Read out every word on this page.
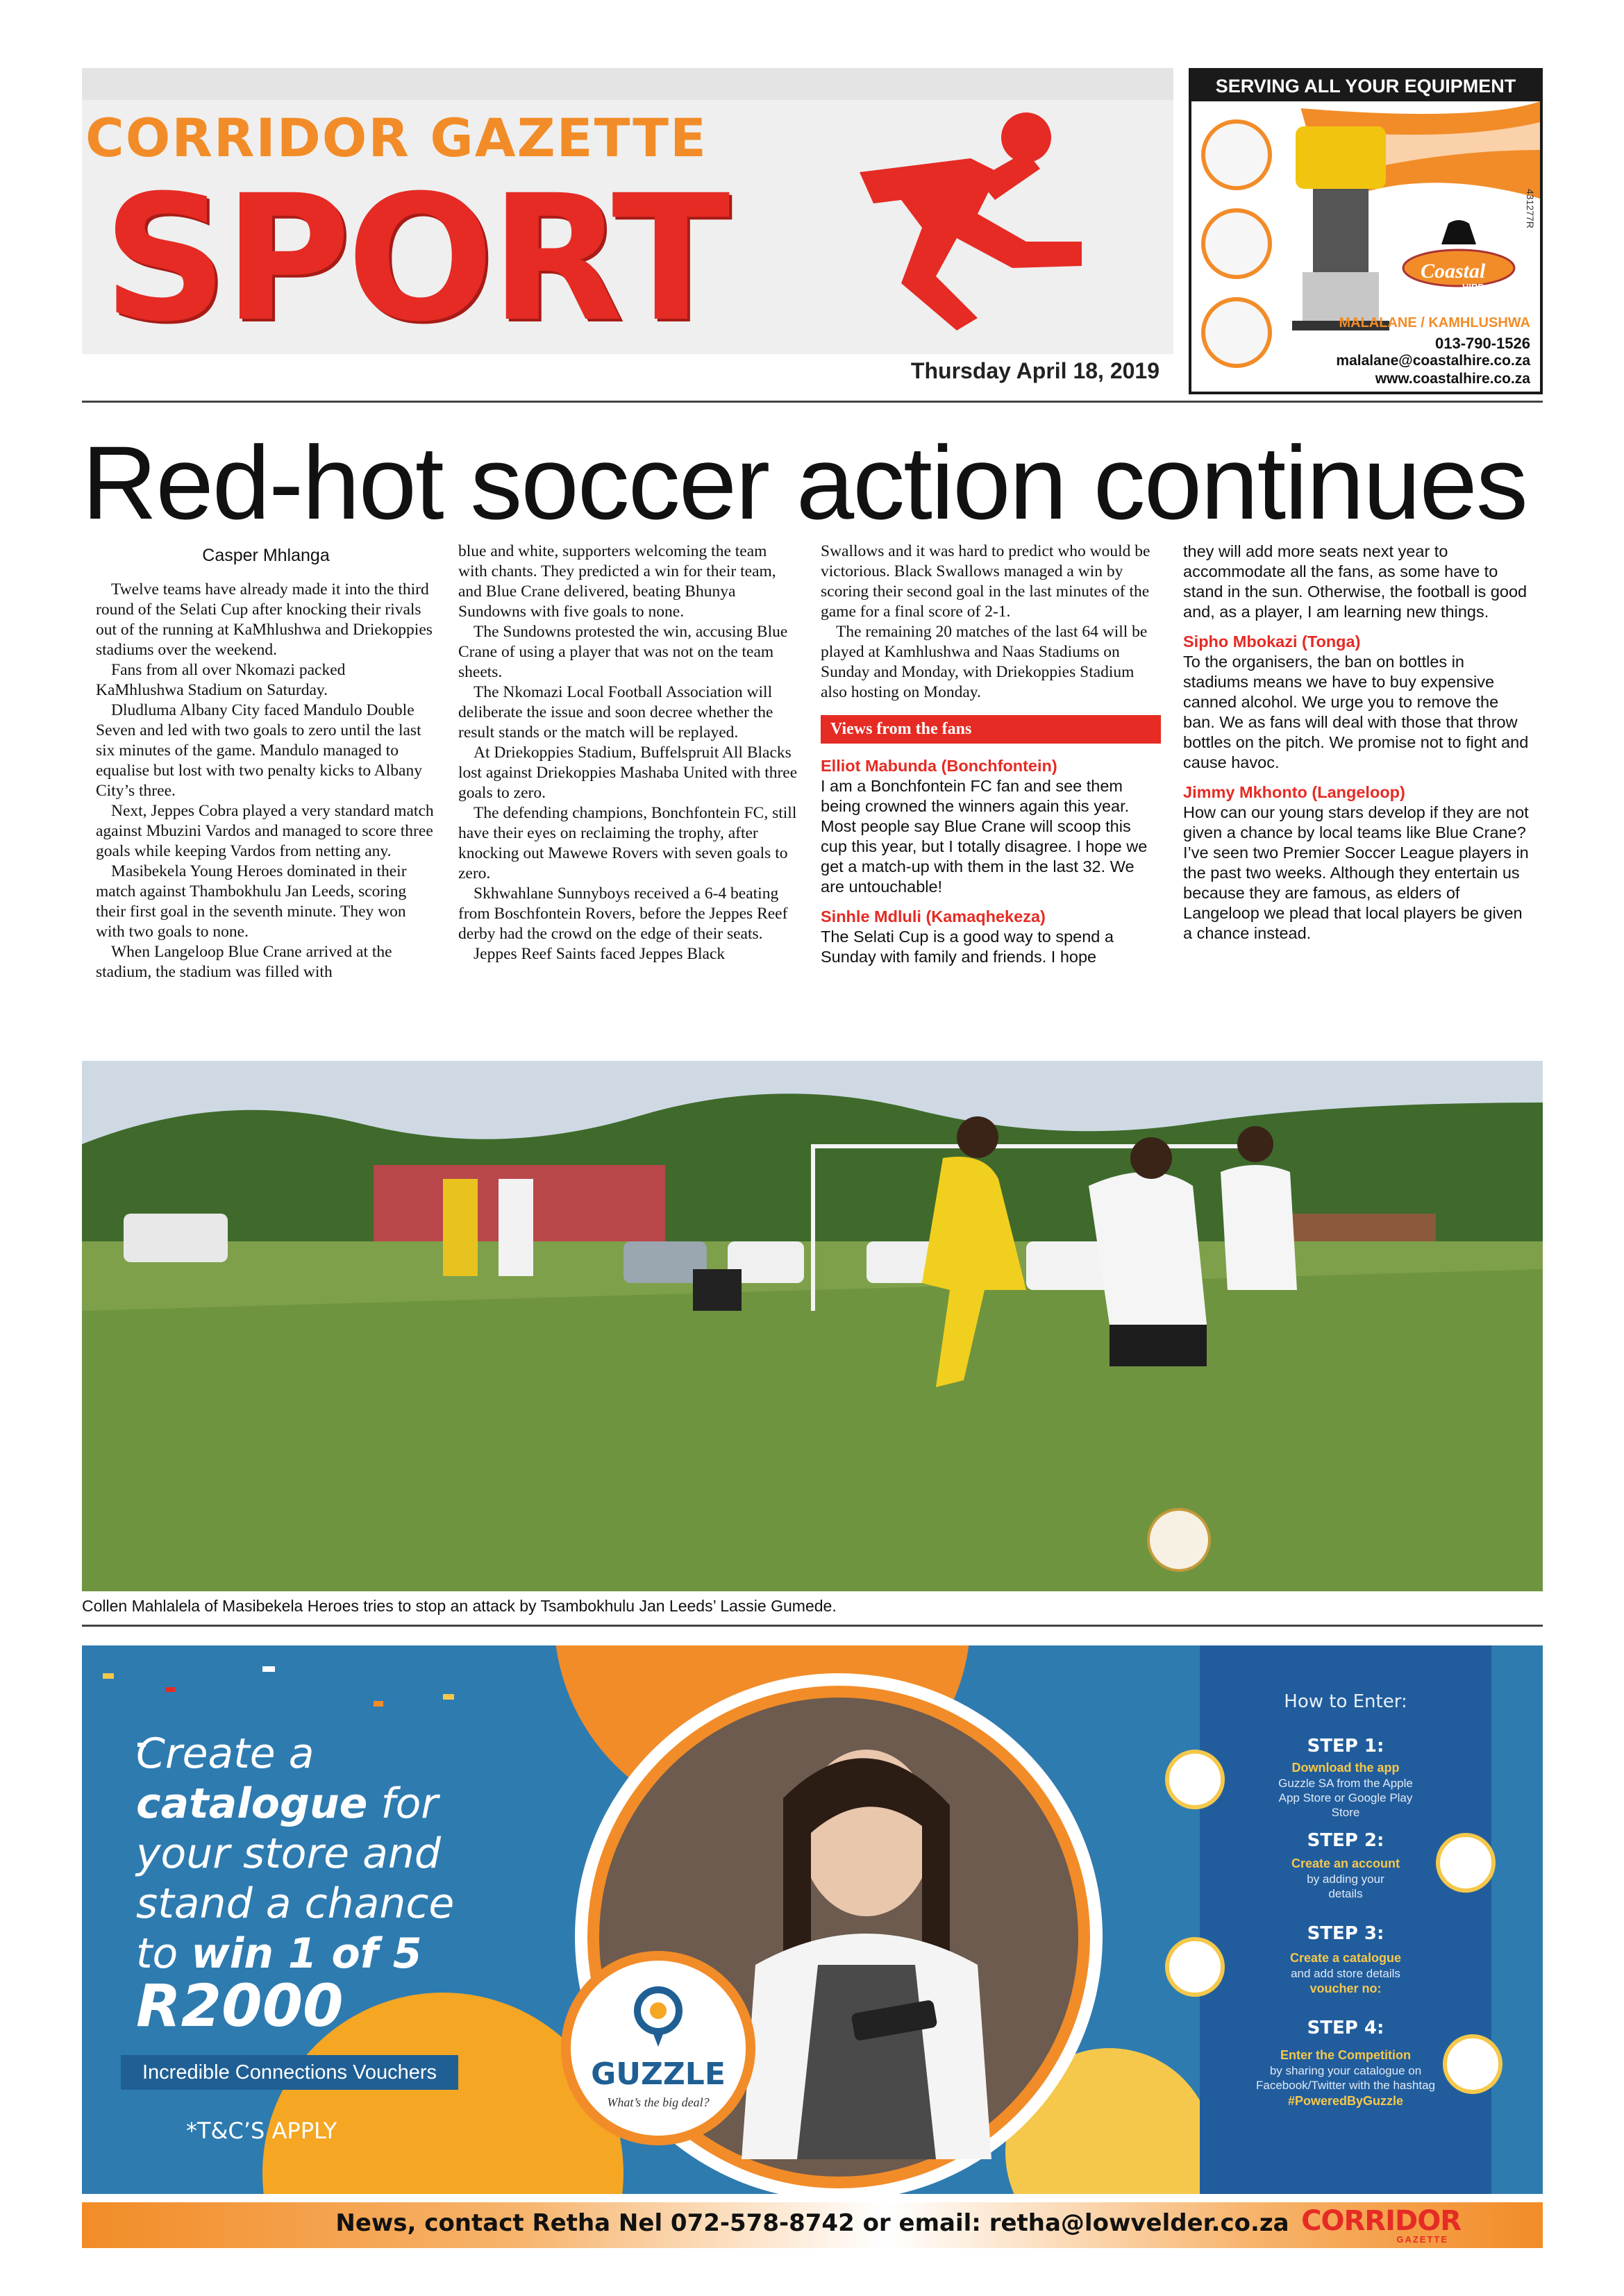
CORRIDOR GAZETTE
SPORT
Thursday April 18, 2019
SERVING ALL YOUR EQUIPMENT
431277R
Coastal
HIRE
MALALANE / KAMHLUSHWA
013-790-1526
malalane@coastalhire.co.za
www.coastalhire.co.za
Red-hot soccer action continues
Casper Mhlanga

Twelve teams have already made it into the third round of the Selati Cup after knocking their rivals out of the running at KaMhlushwa and Driekoppies stadiums over the weekend.

Fans from all over Nkomazi packed KaMhlushwa Stadium on Saturday.

Dludluma Albany City faced Mandulo Double Seven and led with two goals to zero until the last six minutes of the game. Mandulo managed to equalise but lost with two penalty kicks to Albany City’s three.

Next, Jeppes Cobra played a very standard match against Mbuzini Vardos and managed to score three goals while keeping Vardos from netting any.

Masibekela Young Heroes dominated in their match against Thambokhulu Jan Leeds, scoring their first goal in the seventh minute. They won with two goals to none.

When Langeloop Blue Crane arrived at the stadium, the stadium was filled with

blue and white, supporters welcoming the team with chants. They predicted a win for their team, and Blue Crane delivered, beating Bhunya Sundowns with five goals to none.

The Sundowns protested the win, accusing Blue Crane of using a player that was not on the team sheets.

The Nkomazi Local Football Association will deliberate the issue and soon decree whether the result stands or the match will be replayed.

At Driekoppies Stadium, Buffelspruit All Blacks lost against Driekoppies Mashaba United with three goals to zero.

The defending champions, Bonchfontein FC, still have their eyes on reclaiming the trophy, after knocking out Mawewe Rovers with seven goals to zero.

Skhwahlane Sunnyboys received a 6-4 beating from Boschfontein Rovers, before the Jeppes Reef derby had the crowd on the edge of their seats.

Jeppes Reef Saints faced Jeppes Black

Swallows and it was hard to predict who would be victorious. Black Swallows managed a win by scoring their second goal in the last minutes of the game for a final score of 2-1.

The remaining 20 matches of the last 64 will be played at Kamhlushwa and Naas Stadiums on Sunday and Monday, with Driekoppies Stadium also hosting on Monday.

Views from the fans
Elliot Mabunda (Bonchfontein)
I am a Bonchfontein FC fan and see them being crowned the winners again this year. Most people say Blue Crane will scoop this cup this year, but I totally disagree. I hope we get a match-up with them in the last 32. We are untouchable!
Sinhle Mdluli (Kamaqhekeza)
The Selati Cup is a good way to spend a Sunday with family and friends. I hope
they will add more seats next year to accommodate all the fans, as some have to stand in the sun. Otherwise, the football is good and, as a player, I am learning new things.
Sipho Mbokazi (Tonga)
To the organisers, the ban on bottles in stadiums means we have to buy expensive canned alcohol. We urge you to remove the ban. We as fans will deal with those that throw bottles on the pitch. We promise not to fight and cause havoc.
Jimmy Mkhonto (Langeloop)
How can our young stars develop if they are not given a chance by local teams like Blue Crane? I’ve seen two Premier Soccer League players in the past two weeks. Although they entertain us because they are famous, as elders of Langeloop we plead that local players be given a chance instead.
Collen Mahlalela of Masibekela Heroes tries to stop an attack by Tsambokhulu Jan Leeds’ Lassie Gumede.
GUZZLE
What’s the big deal?
Create a
catalogue for
your store and
stand a chance
to win 1 of 5
R2000
Incredible Connections Vouchers
*T&C’S APPLY
How to Enter:
STEP 1:
Download the app
Guzzle SA from the Apple App Store or Google Play Store
STEP 2:
Create an account
by adding your details
STEP 3:
Create a catalogue
and add store details
voucher no:
STEP 4:
Enter the Competition
by sharing your catalogue on Facebook/Twitter with the hashtag
#PoweredByGuzzle
News, contact Retha Nel 072-578-8742 or email: retha@lowvelder.co.za CORRIDOR
GAZETTE
